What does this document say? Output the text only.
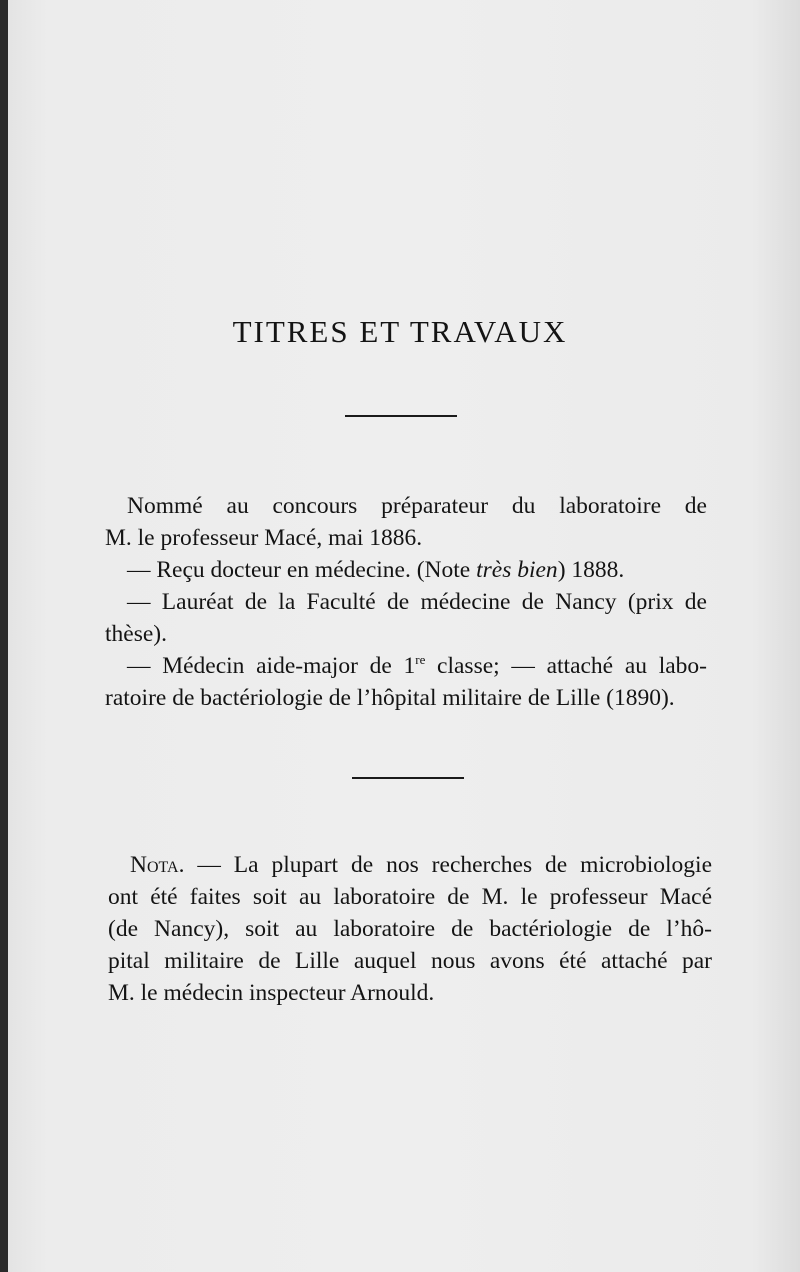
TITRES ET TRAVAUX
Nommé au concours préparateur du laboratoire de
M. le professeur Macé, mai 1886.
— Reçu docteur en médecine. (Note très bien) 1888.
— Lauréat de la Faculté de médecine de Nancy (prix de
thèse).
— Médecin aide-major de 1re classe; — attaché au labo-
ratoire de bactériologie de l’hôpital militaire de Lille (1890).
Nota. — La plupart de nos recherches de microbiologie
ont été faites soit au laboratoire de M. le professeur Macé
(de Nancy), soit au laboratoire de bactériologie de l’hô-
pital militaire de Lille auquel nous avons été attaché par
M. le médecin inspecteur Arnould.
